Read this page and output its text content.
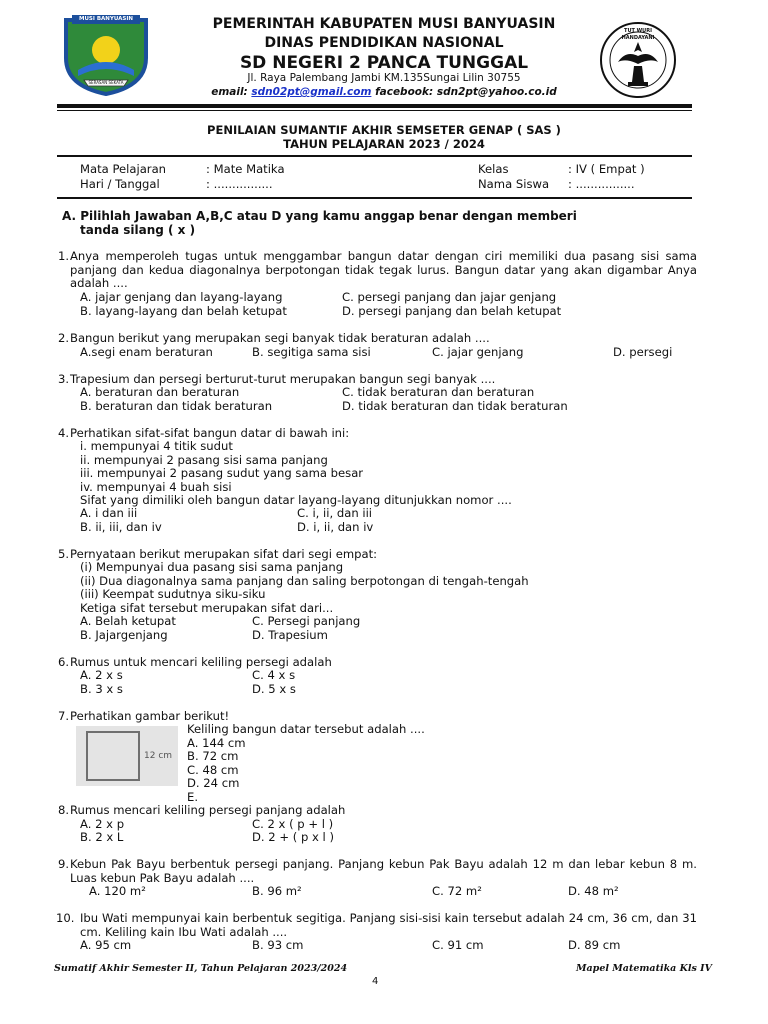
MUSI BANYUASIN
SERASAN SEKATA
TUT WURI HANDAYANI
PEMERINTAH KABUPATEN MUSI BANYUASIN
DINAS PENDIDIKAN NASIONAL
SD NEGERI 2 PANCA TUNGGAL
Jl. Raya Palembang Jambi KM.135Sungai Lilin 30755
email: sdn02pt@gmail.com facebook: sdn2pt@yahoo.co.id
PENILAIAN SUMANTIF AKHIR SEMSETER GENAP ( SAS )
TAHUN PELAJARAN 2023 / 2024
Mata Pelajaran	: Mate Matika	Kelas	: IV ( Empat )
Hari / Tanggal	: ................	Nama Siswa : ................
A. Pilihlah Jawaban A,B,C atau D yang kamu anggap benar dengan memberi
tanda silang ( x )
1. Anya memperoleh tugas untuk menggambar bangun datar dengan ciri memiliki dua pasang sisi sama panjang dan kedua diagonalnya berpotongan tidak tegak lurus. Bangun datar yang akan digambar Anya adalah ....
A. jajar genjang dan layang-layang	C. persegi panjang dan jajar genjang
B. layang-layang dan belah ketupat	D. persegi panjang dan belah ketupat
2. Bangun berikut yang merupakan segi banyak tidak beraturan adalah ....
A.segi enam beraturan	B. segitiga sama sisi	C. jajar genjang	D. persegi
3. Trapesium dan persegi berturut-turut merupakan bangun segi banyak ....
A. beraturan dan beraturan	C. tidak beraturan dan beraturan
B. beraturan dan tidak beraturan	D. tidak beraturan dan tidak beraturan
4. Perhatikan sifat-sifat bangun datar di bawah ini:
i. mempunyai 4 titik sudut
ii. mempunyai 2 pasang sisi sama panjang
iii. mempunyai 2 pasang sudut yang sama besar
iv. mempunyai 4 buah sisi
Sifat yang dimiliki oleh bangun datar layang-layang ditunjukkan nomor ....
A. i dan iii	C. i, ii, dan iii
B. ii, iii, dan iv	D. i, ii, dan iv
5. Pernyataan berikut merupakan sifat dari segi empat:
(i) Mempunyai dua pasang sisi sama panjang
(ii) Dua diagonalnya sama panjang dan saling berpotongan di tengah-tengah
(iii) Keempat sudutnya siku-siku
Ketiga sifat tersebut merupakan sifat dari...
A. Belah ketupat	C. Persegi panjang
B. Jajargenjang	D. Trapesium
6. Rumus untuk mencari keliling persegi adalah
A. 2 x s	C. 4 x s
B. 3 x s	D. 5 x s
7. Perhatikan gambar berikut!
12 cm
Keliling bangun datar tersebut adalah ....
A. 144 cm
B. 72 cm
C. 48 cm
D. 24 cm
E.
8. Rumus mencari keliling persegi panjang adalah
A. 2 x p	C. 2 x ( p + l )
B. 2 x L	D. 2 + ( p x l )
9. Kebun Pak Bayu berbentuk persegi panjang. Panjang kebun Pak Bayu adalah 12 m dan lebar kebun 8 m. Luas kebun Pak Bayu adalah ....
A. 120 m²	B. 96 m²	C. 72 m²	D. 48 m²
10. Ibu Wati mempunyai kain berbentuk segitiga. Panjang sisi-sisi kain tersebut adalah 24 cm, 36 cm, dan 31 cm. Keliling kain Ibu Wati adalah ....
A. 95 cm	B. 93 cm	C. 91 cm	D. 89 cm
Sumatif Akhir Semester II, Tahun Pelajaran 2023/2024	Mapel Matematika Kls IV
4
